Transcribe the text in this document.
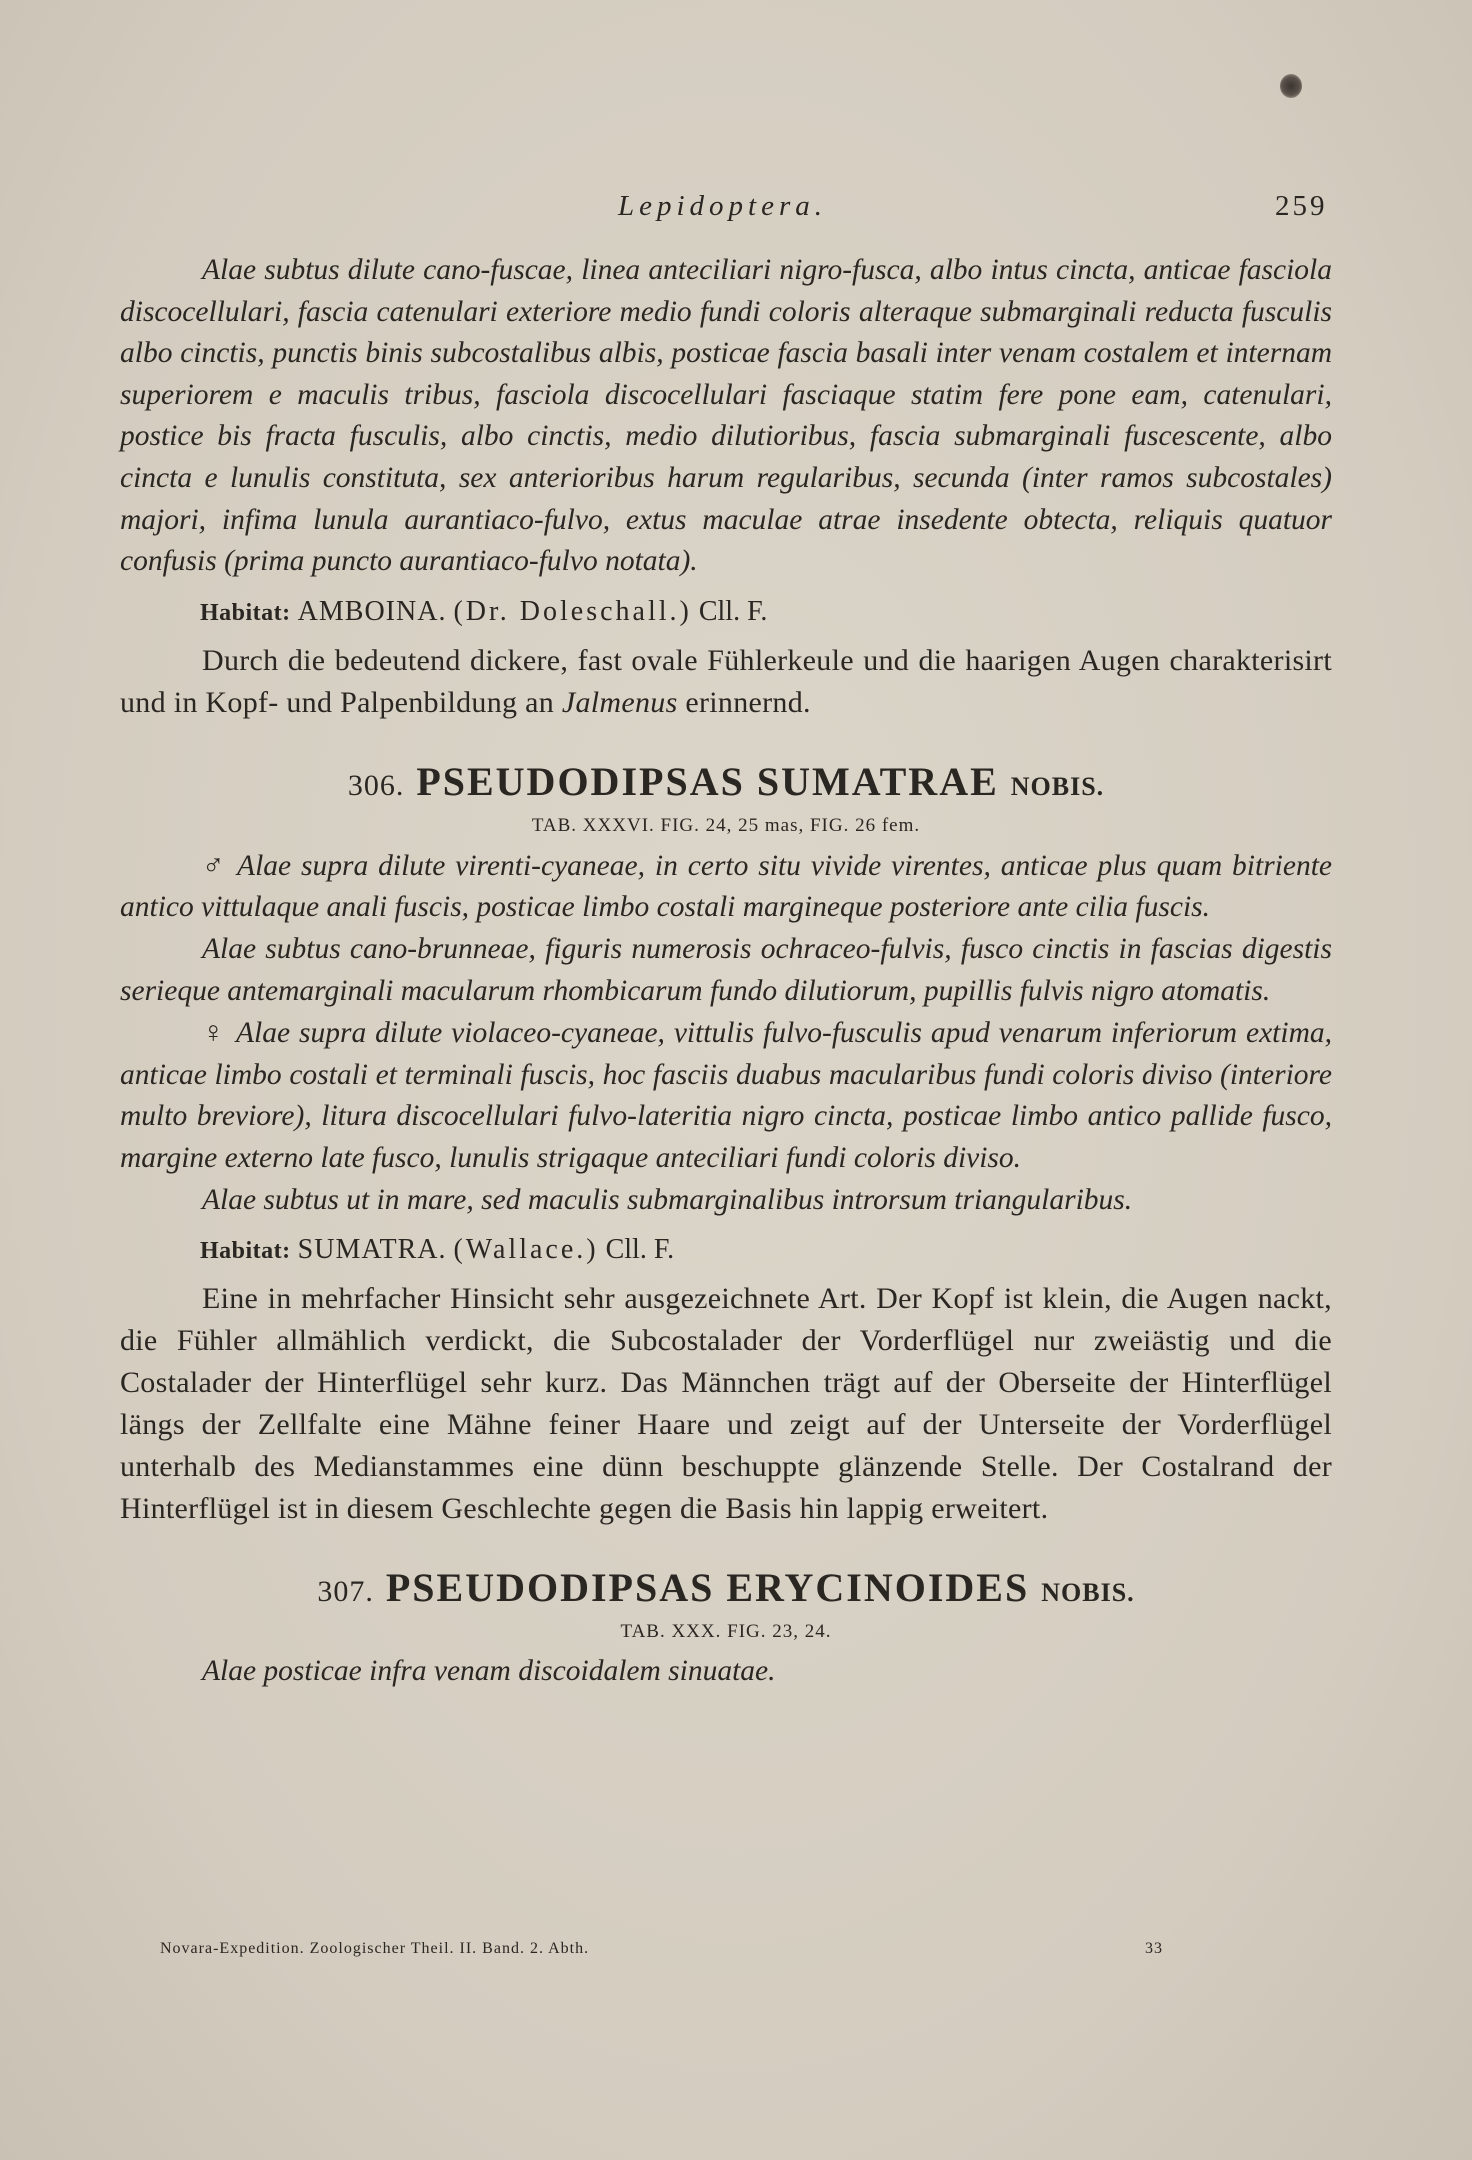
Lepidoptera.	259

Alae subtus dilute cano-fuscae, linea anteciliari nigro-fusca, albo intus cincta, anticae fasciola discocellulari, fascia catenulari exteriore medio fundi coloris alteraque submarginali reducta fusculis albo cinctis, punctis binis subcostalibus albis, posticae fascia basali inter venam costalem et internam superiorem e maculis tribus, fasciola discocellulari fasciaque statim fere pone eam, catenulari, postice bis fracta fusculis, albo cinctis, medio dilutioribus, fascia submarginali fuscescente, albo cincta e lunulis constituta, sex anterioribus harum regularibus, secunda (inter ramos subcostales) majori, infima lunula aurantiaco-fulvo, extus maculae atrae insedente obtecta, reliquis quatuor confusis (prima puncto aurantiaco-fulvo notata).

Habitat: AMBOINA. (Dr. Doleschall.) Cll. F.

Durch die bedeutend dickere, fast ovale Fühlerkeule und die haarigen Augen charakterisirt und in Kopf- und Palpenbildung an Jalmenus erinnernd.

306. PSEUDODIPSAS SUMATRAE NOBIS.
TAB. XXXVI. FIG. 24, 25 mas, FIG. 26 fem.

♂ Alae supra dilute virenti-cyaneae, in certo situ vivide virentes, anticae plus quam bitriente antico vittulaque anali fuscis, posticae limbo costali margineque posteriore ante cilia fuscis.

Alae subtus cano-brunneae, figuris numerosis ochraceo-fulvis, fusco cinctis in fascias digestis serieque antemarginali macularum rhombicarum fundo dilutiorum, pupillis fulvis nigro atomatis.

♀ Alae supra dilute violaceo-cyaneae, vittulis fulvo-fusculis apud venarum inferiorum extima, anticae limbo costali et terminali fuscis, hoc fasciis duabus macularibus fundi coloris diviso (interiore multo breviore), litura discocellulari fulvo-lateritia nigro cincta, posticae limbo antico pallide fusco, margine externo late fusco, lunulis strigaque anteciliari fundi coloris diviso.

Alae subtus ut in mare, sed maculis submarginalibus introrsum triangularibus.

Habitat: SUMATRA. (Wallace.) Cll. F.

Eine in mehrfacher Hinsicht sehr ausgezeichnete Art. Der Kopf ist klein, die Augen nackt, die Fühler allmählich verdickt, die Subcostalader der Vorderflügel nur zweiästig und die Costalader der Hinterflügel sehr kurz. Das Männchen trägt auf der Oberseite der Hinterflügel längs der Zellfalte eine Mähne feiner Haare und zeigt auf der Unterseite der Vorderflügel unterhalb des Medianstammes eine dünn beschuppte glänzende Stelle. Der Costalrand der Hinterflügel ist in diesem Geschlechte gegen die Basis hin lappig erweitert.

307. PSEUDODIPSAS ERYCINOIDES NOBIS.
TAB. XXX. FIG. 23, 24.

Alae posticae infra venam discoidalem sinuatae.

Novara-Expedition. Zoologischer Theil. II. Band. 2. Abth.	33
